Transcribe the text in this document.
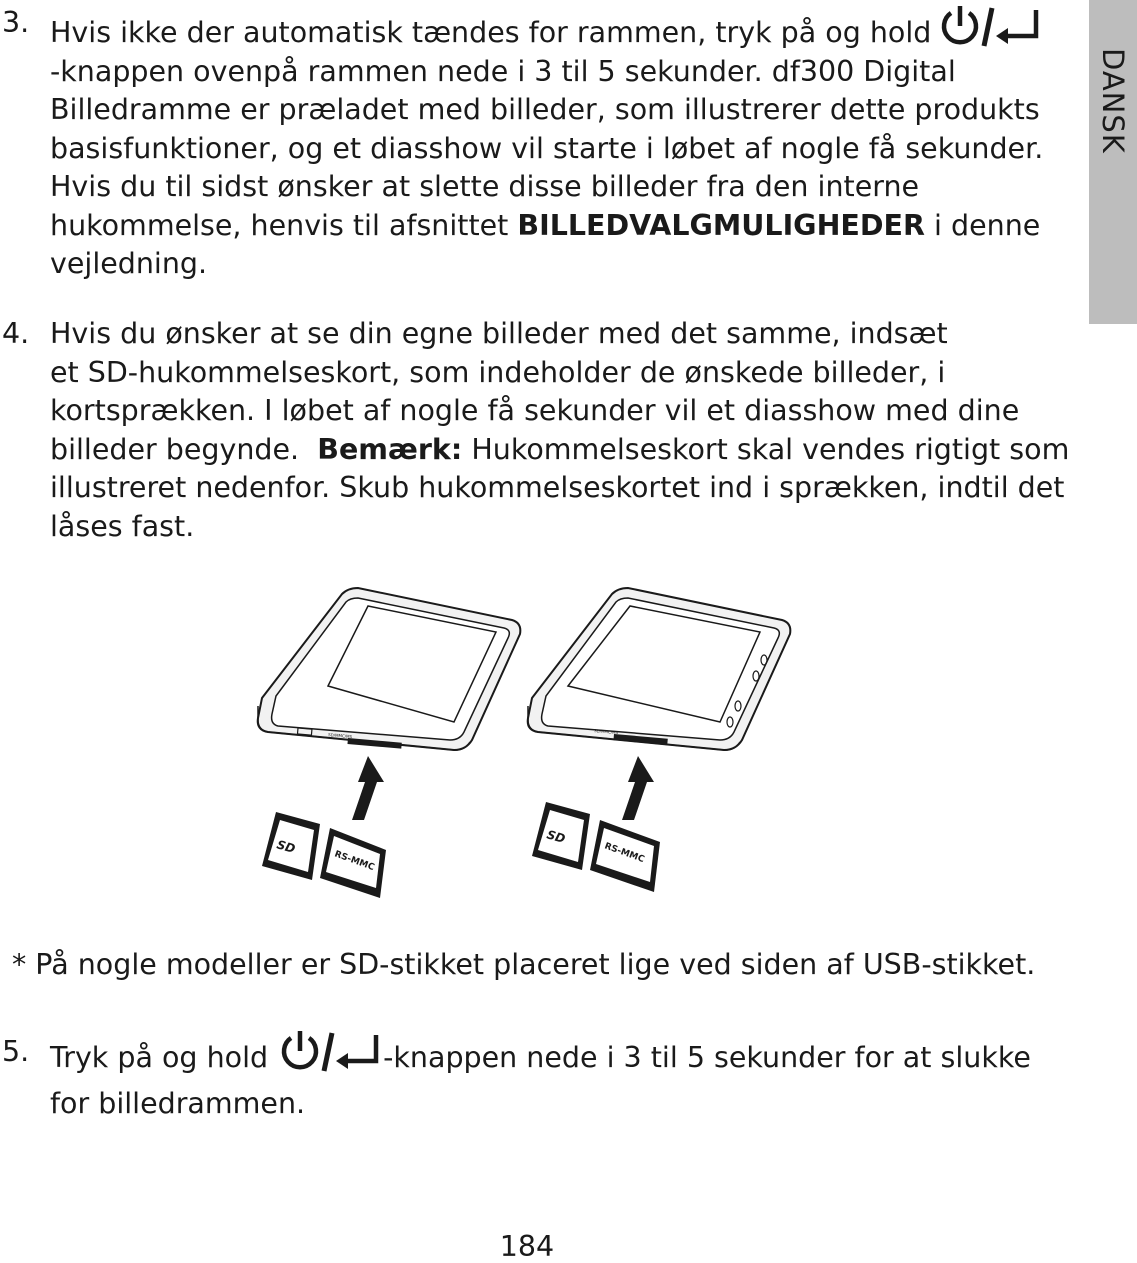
DANSK
3. Hvis ikke der automatisk tændes for rammen, tryk på og hold
-knappen ovenpå rammen nede i 3 til 5 sekunder. df300 Digital
Billedramme er præladet med billeder, som illustrerer dette produkts
basisfunktioner, og et diasshow vil starte i løbet af nogle få sekunder.
Hvis du til sidst ønsker at slette disse billeder fra den interne
hukommelse, henvis til afsnittet BILLEDVALGMULIGHEDER i denne
vejledning.
4. Hvis du ønsker at se din egne billeder med det samme, indsæt
et SD-hukommelseskort, som indeholder de ønskede billeder, i
kortsprækken. I løbet af nogle få sekunder vil et diasshow med dine
billeder begynde. Bemærk: Hukommelseskort skal vendes rigtigt som
illustreret nedenfor. Skub hukommelseskortet ind i sprækken, indtil det
låses fast.
SD/MMC/MS
SD
RS-MMC
SD/MMC/MS
SD
RS-MMC
* På nogle modeller er SD-stikket placeret lige ved siden af USB-stikket.
5. Tryk på og hold	-knappen nede i 3 til 5 sekunder for at slukke
for billedrammen.
184
